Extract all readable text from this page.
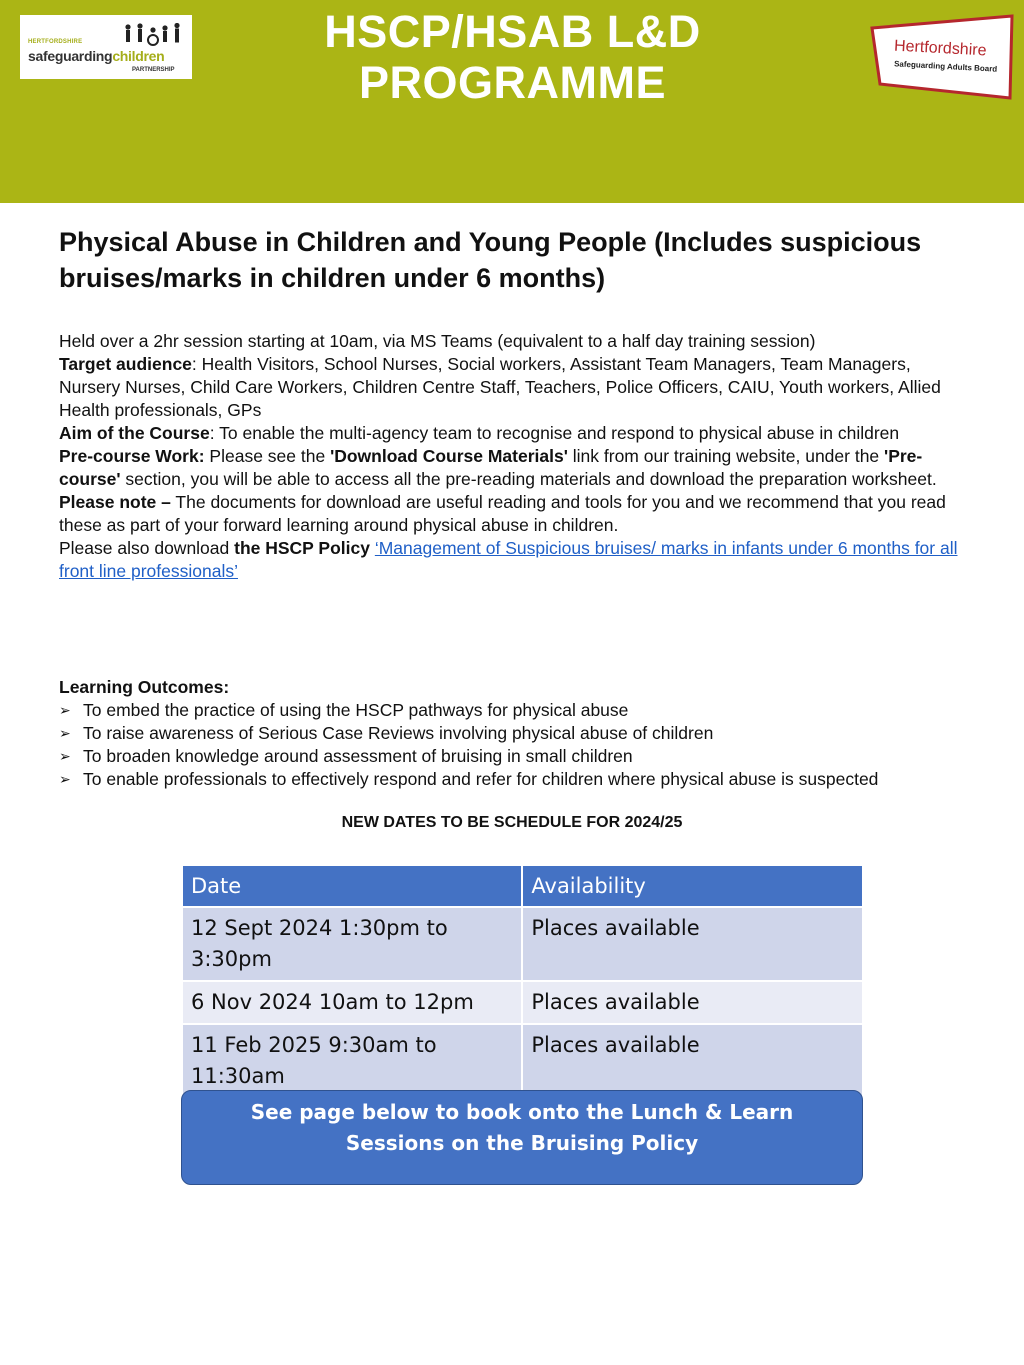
HERTFORDSHIRE
safeguardingchildren
PARTNERSHIP
HSCP/HSAB L&D
PROGRAMME
Hertfordshire
Safeguarding Adults Board
Physical Abuse in Children and Young People (Includes suspicious bruises/marks in children under 6 months)

Held over a 2hr session starting at 10am, via MS Teams (equivalent to a half day training session)

Target audience: Health Visitors, School Nurses, Social workers, Assistant Team Managers, Team Managers, Nursery Nurses, Child Care Workers, Children Centre Staff, Teachers, Police Officers, CAIU, Youth workers, Allied Health professionals, GPs

Aim of the Course: To enable the multi-agency team to recognise and respond to physical abuse in children

Pre-course Work: Please see the 'Download Course Materials' link from our training website, under the 'Pre-course' section, you will be able to access all the pre-reading materials and download the preparation worksheet.

Please note – The documents for download are useful reading and tools for you and we recommend that you read these as part of your forward learning around physical abuse in children.

Please also download the HSCP Policy ‘Management of Suspicious bruises/ marks in infants under 6 months for all front line professionals’

Learning Outcomes:
➢ To embed the practice of using the HSCP pathways for physical abuse
➢ To raise awareness of Serious Case Reviews involving physical abuse of children
➢ To broaden knowledge around assessment of bruising in small children
➢ To enable professionals to effectively respond and refer for children where physical abuse is suspected
NEW DATES TO BE SCHEDULE FOR 2024/25
Date	Availability
12 Sept 2024 1:30pm to 3:30pm	Places available
6 Nov 2024 10am to 12pm	Places available
11 Feb 2025 9:30am to 11:30am	Places available
See page below to book onto the Lunch & Learn
Sessions on the Bruising Policy
